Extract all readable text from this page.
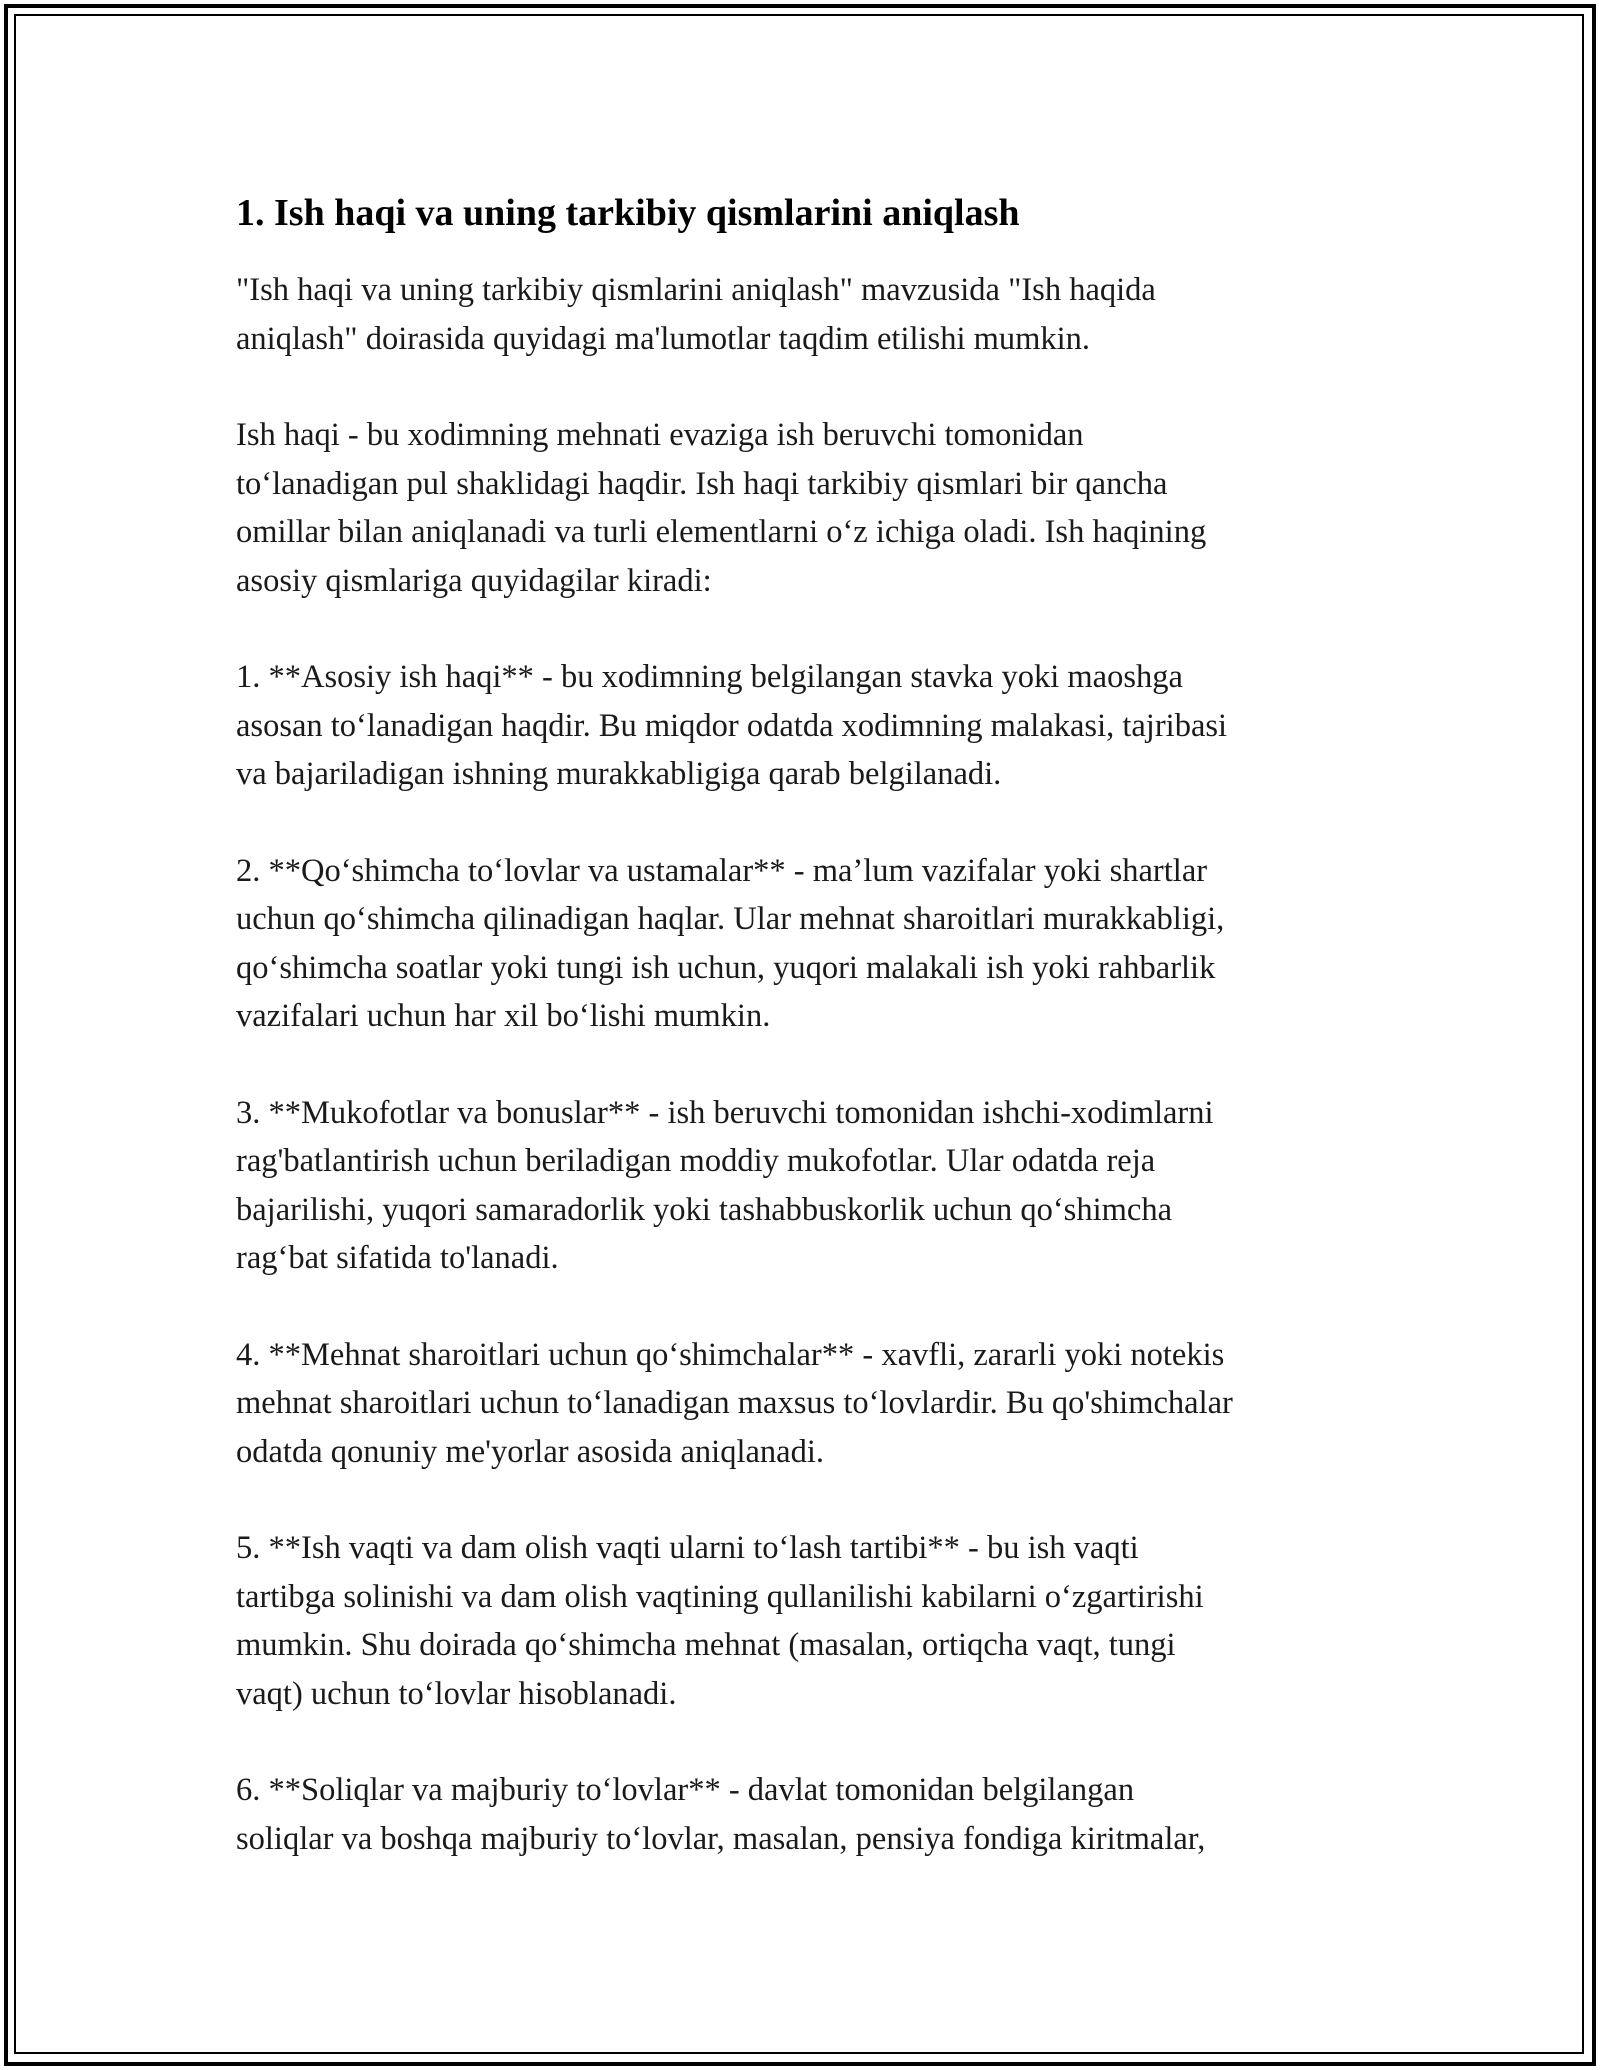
1. Ish haqi va uning tarkibiy qismlarini aniqlash

"Ish haqi va uning tarkibiy qismlarini aniqlash" mavzusida "Ish haqida
aniqlash" doirasida quyidagi ma'lumotlar taqdim etilishi mumkin.

Ish haqi - bu xodimning mehnati evaziga ish beruvchi tomonidan
to‘lanadigan pul shaklidagi haqdir. Ish haqi tarkibiy qismlari bir qancha
omillar bilan aniqlanadi va turli elementlarni o‘z ichiga oladi. Ish haqining
asosiy qismlariga quyidagilar kiradi:

1. **Asosiy ish haqi** - bu xodimning belgilangan stavka yoki maoshga
asosan to‘lanadigan haqdir. Bu miqdor odatda xodimning malakasi, tajribasi
va bajariladigan ishning murakkabligiga qarab belgilanadi.

2. **Qo‘shimcha to‘lovlar va ustamalar** - ma’lum vazifalar yoki shartlar
uchun qo‘shimcha qilinadigan haqlar. Ular mehnat sharoitlari murakkabligi,
qo‘shimcha soatlar yoki tungi ish uchun, yuqori malakali ish yoki rahbarlik
vazifalari uchun har xil bo‘lishi mumkin.

3. **Mukofotlar va bonuslar** - ish beruvchi tomonidan ishchi-xodimlarni
rag'batlantirish uchun beriladigan moddiy mukofotlar. Ular odatda reja
bajarilishi, yuqori samaradorlik yoki tashabbuskorlik uchun qo‘shimcha
rag‘bat sifatida to'lanadi.

4. **Mehnat sharoitlari uchun qo‘shimchalar** - xavfli, zararli yoki notekis
mehnat sharoitlari uchun to‘lanadigan maxsus to‘lovlardir. Bu qo'shimchalar
odatda qonuniy me'yorlar asosida aniqlanadi.

5. **Ish vaqti va dam olish vaqti ularni to‘lash tartibi** - bu ish vaqti
tartibga solinishi va dam olish vaqtining qullanilishi kabilarni o‘zgartirishi
mumkin. Shu doirada qo‘shimcha mehnat (masalan, ortiqcha vaqt, tungi
vaqt) uchun to‘lovlar hisoblanadi.

6. **Soliqlar va majburiy to‘lovlar** - davlat tomonidan belgilangan
soliqlar va boshqa majburiy to‘lovlar, masalan, pensiya fondiga kiritmalar,
